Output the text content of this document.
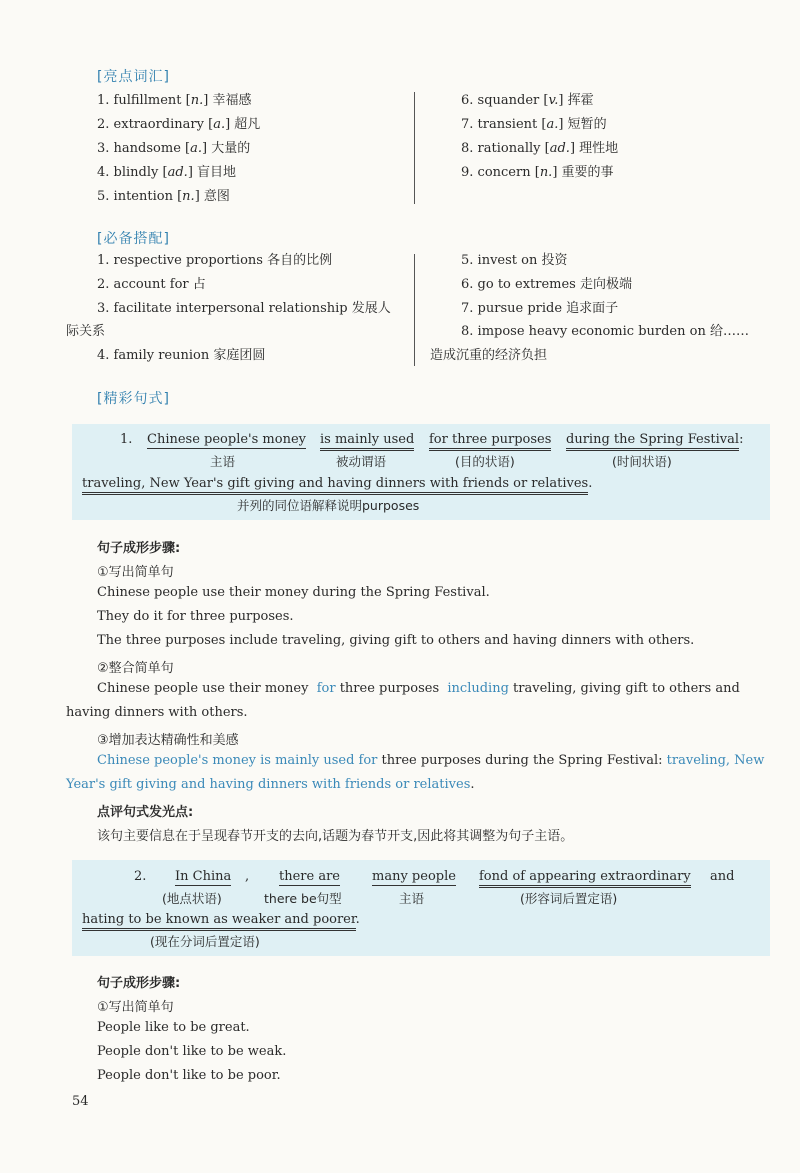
[亮点词汇]
1. fulfillment [n.] 幸福感
2. extraordinary [a.] 超凡
3. handsome [a.] 大量的
4. blindly [ad.] 盲目地
5. intention [n.] 意图
6. squander [v.] 挥霍
7. transient [a.] 短暂的
8. rationally [ad.] 理性地
9. concern [n.] 重要的事
[必备搭配]
1. respective proportions 各自的比例
2. account for 占
3. facilitate interpersonal relationship 发展人
际关系
4. family reunion 家庭团圆
5. invest on 投资
6. go to extremes 走向极端
7. pursue pride 追求面子
8. impose heavy economic burden on 给……
造成沉重的经济负担
[精彩句式]
1. Chinese people's money is mainly used for three purposes during the Spring Festival:
主语	被动谓语	(目的状语)	(时间状语)
traveling, New Year's gift giving and having dinners with friends or relatives.
并列的同位语解释说明purposes
句子成形步骤:
①写出简单句
Chinese people use their money during the Spring Festival.
They do it for three purposes.
The three purposes include traveling, giving gift to others and having dinners with others.
②整合简单句
Chinese people use their money for three purposes including traveling, giving gift to others and
having dinners with others.
③增加表达精确性和美感
Chinese people's money is mainly used for three purposes during the Spring Festival: traveling, New
Year's gift giving and having dinners with friends or relatives.
点评句式发光点:
该句主要信息在于呈现春节开支的去向,话题为春节开支,因此将其调整为句子主语。
2. In China , there are many people fond of appearing extraordinary and
(地点状语)	there be句型	主语	(形容词后置定语)
hating to be known as weaker and poorer.
(现在分词后置定语)
句子成形步骤:
①写出简单句
People like to be great.
People don't like to be weak.
People don't like to be poor.
54
